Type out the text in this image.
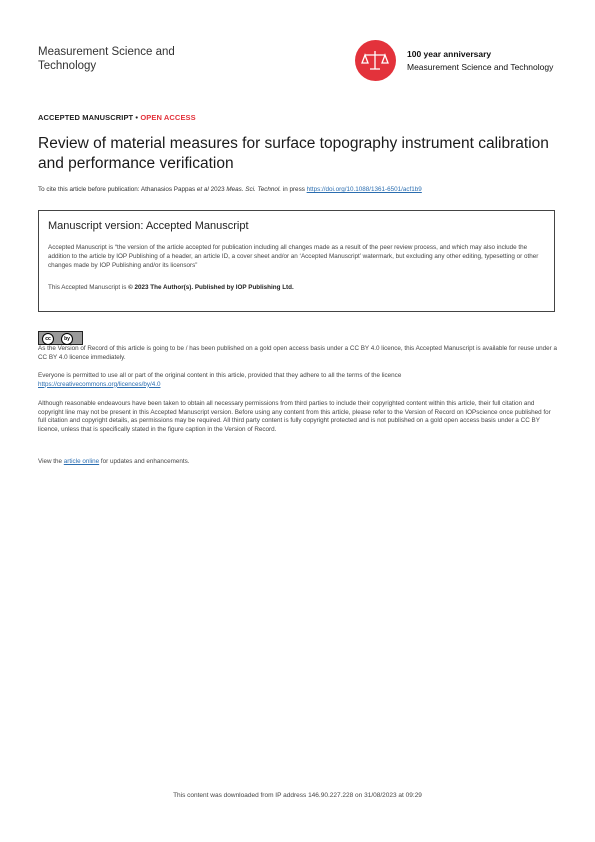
Measurement Science and
Technology
100 year anniversary
Measurement Science and Technology
ACCEPTED MANUSCRIPT • OPEN ACCESS
Review of material measures for surface topography instrument calibration and performance verification
To cite this article before publication: Athanasios Pappas et al 2023 Meas. Sci. Technol. in press https://doi.org/10.1088/1361-6501/acf1b9
Manuscript version: Accepted Manuscript
Accepted Manuscript is “the version of the article accepted for publication including all changes made as a result of the peer review process, and which may also include the addition to the article by IOP Publishing of a header, an article ID, a cover sheet and/or an ‘Accepted Manuscript’ watermark, but excluding any other editing, typesetting or other changes made by IOP Publishing and/or its licensors”
This Accepted Manuscript is © 2023 The Author(s). Published by IOP Publishing Ltd.
cc	by
As the Version of Record of this article is going to be / has been published on a gold open access basis under a CC BY 4.0 licence, this Accepted Manuscript is available for reuse under a CC BY 4.0 licence immediately.
Everyone is permitted to use all or part of the original content in this article, provided that they adhere to all the terms of the licence
https://creativecommons.org/licences/by/4.0
Although reasonable endeavours have been taken to obtain all necessary permissions from third parties to include their copyrighted content within this article, their full citation and copyright line may not be present in this Accepted Manuscript version. Before using any content from this article, please refer to the Version of Record on IOPscience once published for full citation and copyright details, as permissions may be required. All third party content is fully copyright protected and is not published on a gold open access basis under a CC BY licence, unless that is specifically stated in the figure caption in the Version of Record.
View the article online for updates and enhancements.
This content was downloaded from IP address 146.90.227.228 on 31/08/2023 at 09:29
